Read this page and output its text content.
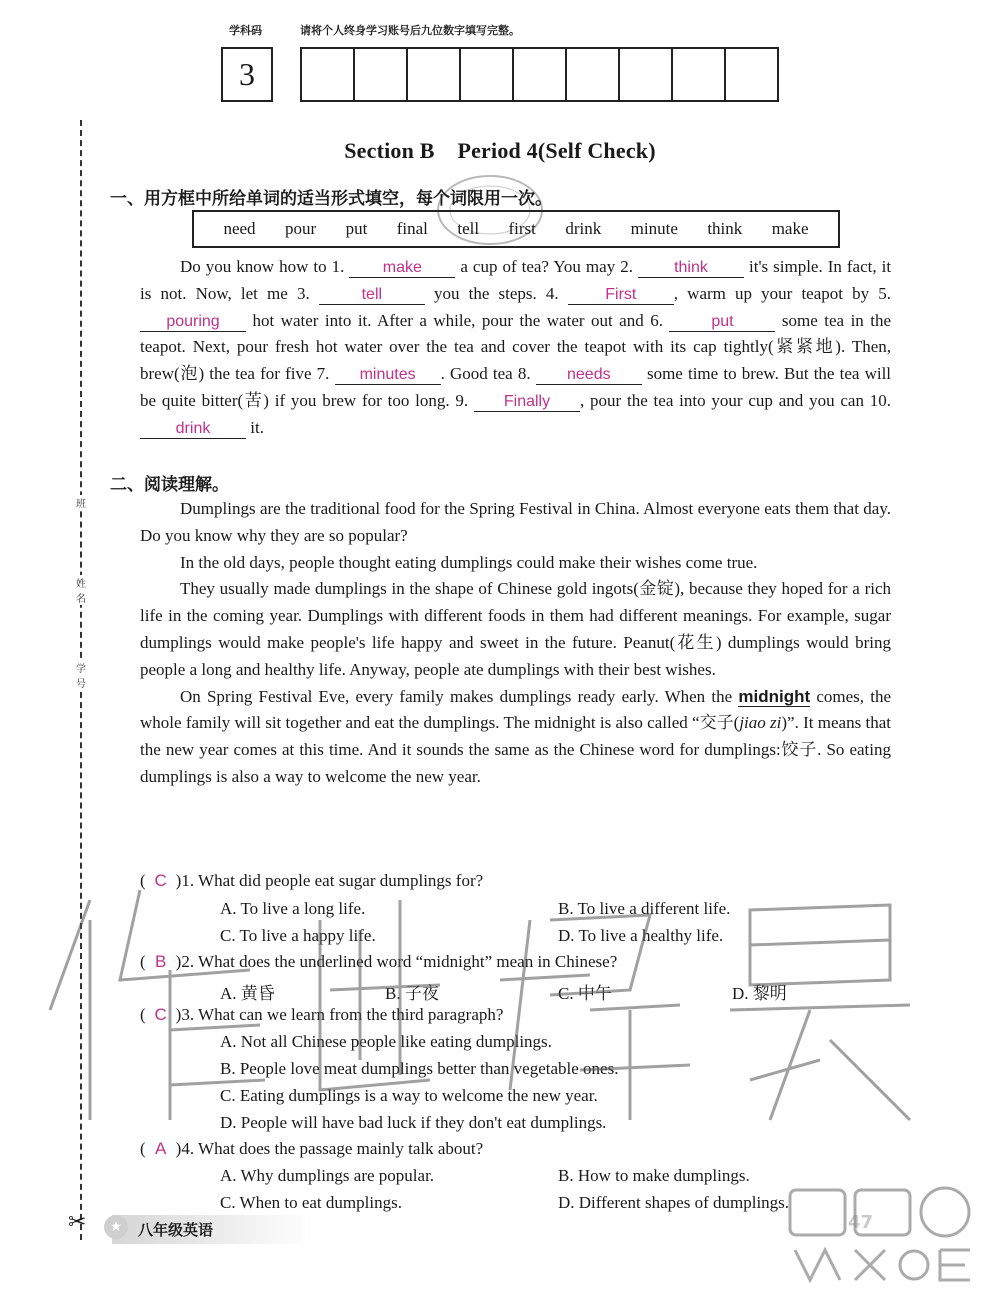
学科码	请将个人终身学习账号后九位数字填写完整。
3
班
姓名
学号
Section B    Period 4(Self Check)
一、用方框中所给单词的适当形式填空，每个词限用一次。
need pour put final tell first drink minute think make
Do you know how to 1. make a cup of tea? You may 2.	think it's simple. In fact, it is not. Now, let me 3.	tell	you the steps. 4.	First , warm up your teapot by 5. pouring hot water into it. After a while, pour the water out and 6.	put	some tea in the teapot. Next, pour fresh hot water over the tea and cover the teapot with its cap tightly(紧紧地). Then, brew(泡) the tea for five 7. minutes . Good tea 8. needs some time to brew. But the tea will be quite bitter(苦) if you brew for too long. 9. Finally , pour the tea into your cup and you can 10. drink it.
二、阅读理解。
Dumplings are the traditional food for the Spring Festival in China. Almost everyone eats them that day. Do you know why they are so popular?
In the old days, people thought eating dumplings could make their wishes come true.
They usually made dumplings in the shape of Chinese gold ingots(金锭), because they hoped for a rich life in the coming year. Dumplings with different foods in them had different meanings. For example, sugar dumplings would make people's life happy and sweet in the future. Peanut(花生) dumplings would bring people a long and healthy life. Anyway, people ate dumplings with their best wishes.
On Spring Festival Eve, every family makes dumplings ready early. When the midnight comes, the whole family will sit together and eat the dumplings. The midnight is also called “交子(jiao zi)”. It means that the new year comes at this time. And it sounds the same as the Chinese word for dumplings:饺子. So eating dumplings is also a way to welcome the new year.
( C )1. What did people eat sugar dumplings for?
A. To live a long life.	B. To live a different life.
C. To live a happy life.	D. To live a healthy life.
( B )2. What does the underlined word “midnight” mean in Chinese?
A. 黄昏	B. 子夜	C. 中午	D. 黎明
( C )3. What can we learn from the third paragraph?
A. Not all Chinese people like eating dumplings.
B. People love meat dumplings better than vegetable ones.
C. Eating dumplings is a way to welcome the new year.
D. People will have bad luck if they don't eat dumplings.
( A )4. What does the passage mainly talk about?
A. Why dumplings are popular.	B. How to make dumplings.
C. When to eat dumplings.	D. Different shapes of dumplings.
✂	八年级英语
★	47
